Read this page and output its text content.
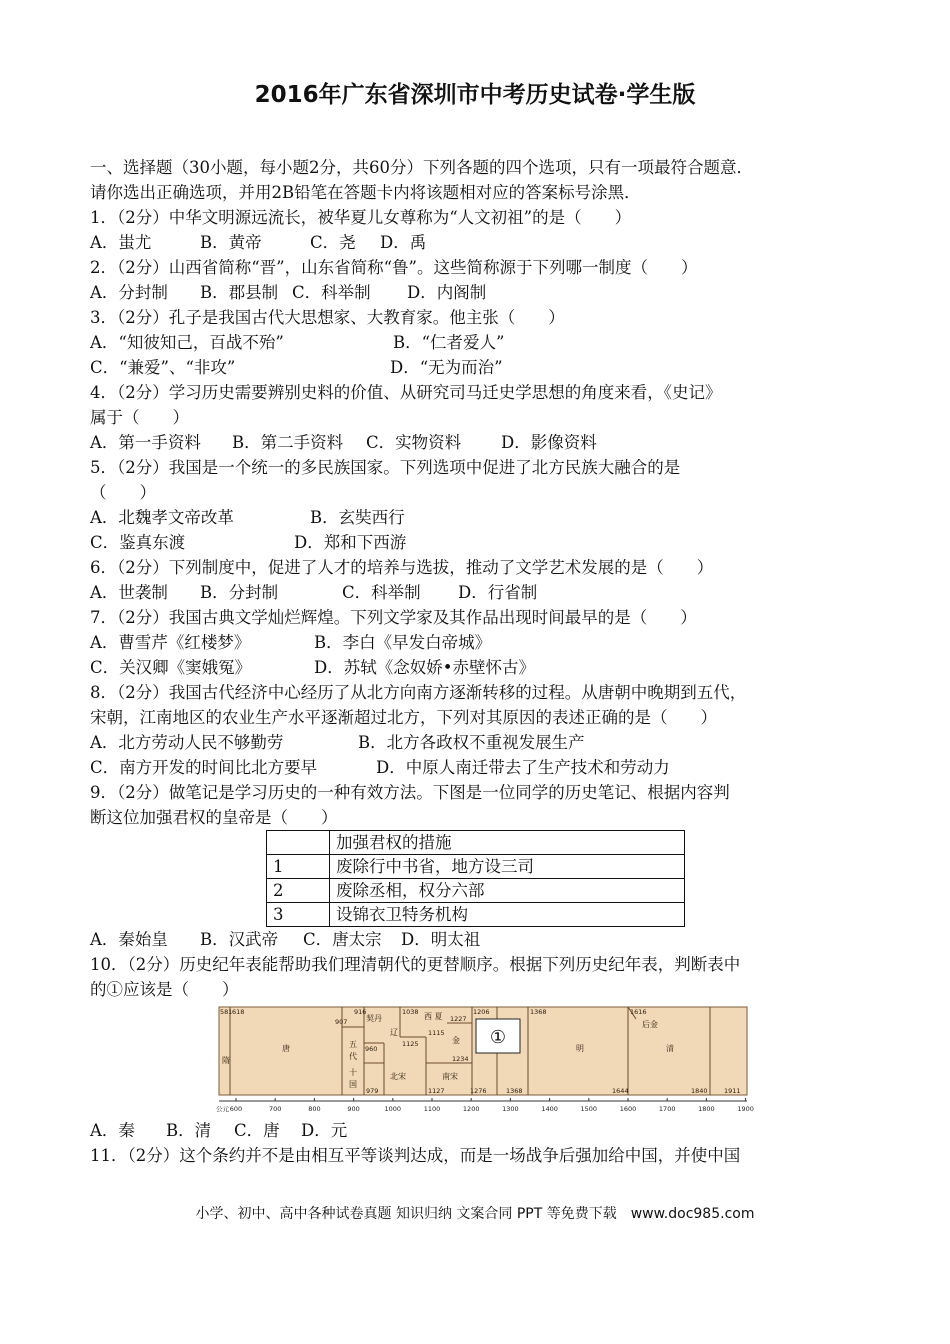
2016年广东省深圳市中考历史试卷·学生版
一、选择题（30小题，每小题2分，共60分）下列各题的四个选项，只有一项最符合题意．
请你选出正确选项，并用2B铅笔在答题卡内将该题相对应的答案标号涂黑．
1．（2分）中华文明源远流长，被华夏儿女尊称为“人文初祖”的是（　　）
A．蚩尤	B．黄帝	C．尧 D．禹
2．（2分）山西省简称“晋”，山东省简称“鲁”。这些简称源于下列哪一制度（　　）
A．分封制 B．郡县制 C．科举制 D．内阁制
3．（2分）孔子是我国古代大思想家、大教育家。他主张（　　）
A．“知彼知己，百战不殆”	B．“仁者爱人”
C．“兼爱”、“非攻”	D．“无为而治”
4．（2分）学习历史需要辨别史料的价值、从研究司马迁史学思想的角度来看，《史记》
属于（　　）
A．第一手资料 B．第二手资料 C．实物资料 D．影像资料
5．（2分）我国是一个统一的多民族国家。下列选项中促进了北方民族大融合的是
（　　）
A．北魏孝文帝改革	B．玄奘西行
C．鉴真东渡	D．郑和下西游
6．（2分）下列制度中，促进了人才的培养与选拔，推动了文学艺术发展的是（　　）
A．世袭制 B．分封制	C．科举制 D．行省制
7．（2分）我国古典文学灿烂辉煌。下列文学家及其作品出现时间最早的是（　　）
A．曹雪芹《红楼梦》	B．李白《早发白帝城》
C．关汉卿《窦娥冤》	D．苏轼《念奴娇•赤壁怀古》
8．（2分）我国古代经济中心经历了从北方向南方逐渐转移的过程。从唐朝中晚期到五代，
宋朝，江南地区的农业生产水平逐渐超过北方，下列对其原因的表述正确的是（　　）
A．北方劳动人民不够勤劳	B．北方各政权不重视发展生产
C．南方开发的时间比北方要早	D．中原人南迁带去了生产技术和劳动力
9．（2分）做笔记是学习历史的一种有效方法。下图是一位同学的历史笔记、根据内容判
断这位加强君权的皇帝是（　　）
	加强君权的措施
1	废除行中书省，地方设三司
2	废除丞相，权分六部
3	设锦衣卫特务机构
A．秦始皇 B．汉武帝 C．唐太宗 D．明太祖
10．（2分）历史纪年表能帮助我们理清朝代的更替顺序。根据下列历史纪年表，判断表中
的①应该是（　　）
①
隋
唐	五
代
十
国
契丹
辽
北宋
西 夏
金
南宋
明
后金
清
581 618
907
916
960
979
1038
1115
1125
1127
1206
1227
1234
1276
1368
1368
1616
1644	1840	1911
公元 600	700	800	900	1000	1100	1200	1300	1400	1500	1600	1700	1800	1900
A．秦 B．清 C．唐 D．元
11．（2分）这个条约并不是由相互平等谈判达成，而是一场战争后强加给中国，并使中国
小学、初中、高中各种试卷真题 知识归纳 文案合同 PPT 等免费下载　www.doc985.com
